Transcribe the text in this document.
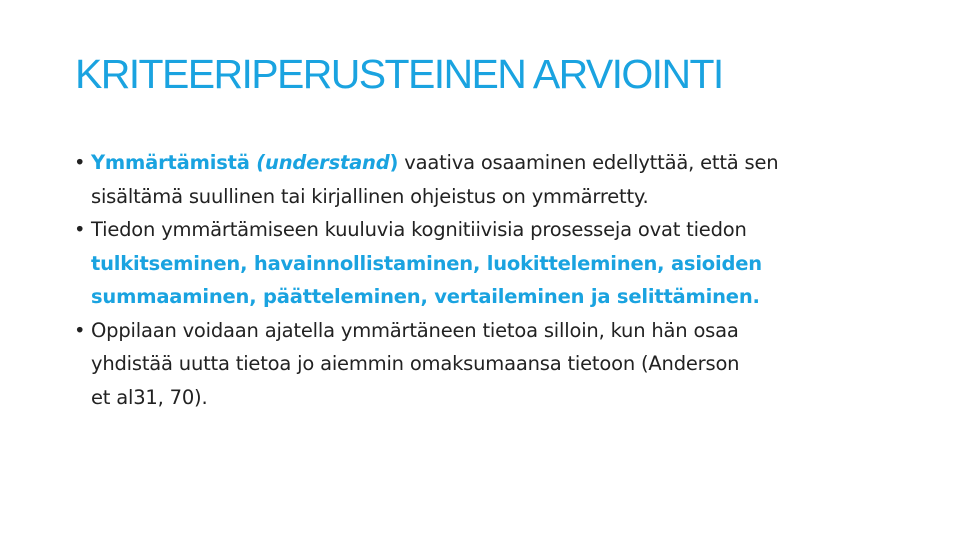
KRITEERIPERUSTEINEN ARVIOINTI
• Ymmärtämistä (understand) vaativa osaaminen edellyttää, että sen
sisältämä suullinen tai kirjallinen ohjeistus on ymmärretty.
• Tiedon ymmärtämiseen kuuluvia kognitiivisia prosesseja ovat tiedon
tulkitseminen, havainnollistaminen, luokitteleminen, asioiden
summaaminen, päätteleminen, vertaileminen ja selittäminen.
• Oppilaan voidaan ajatella ymmärtäneen tietoa silloin, kun hän osaa
yhdistää uutta tietoa jo aiemmin omaksumaansa tietoon (Anderson
et al31, 70).
